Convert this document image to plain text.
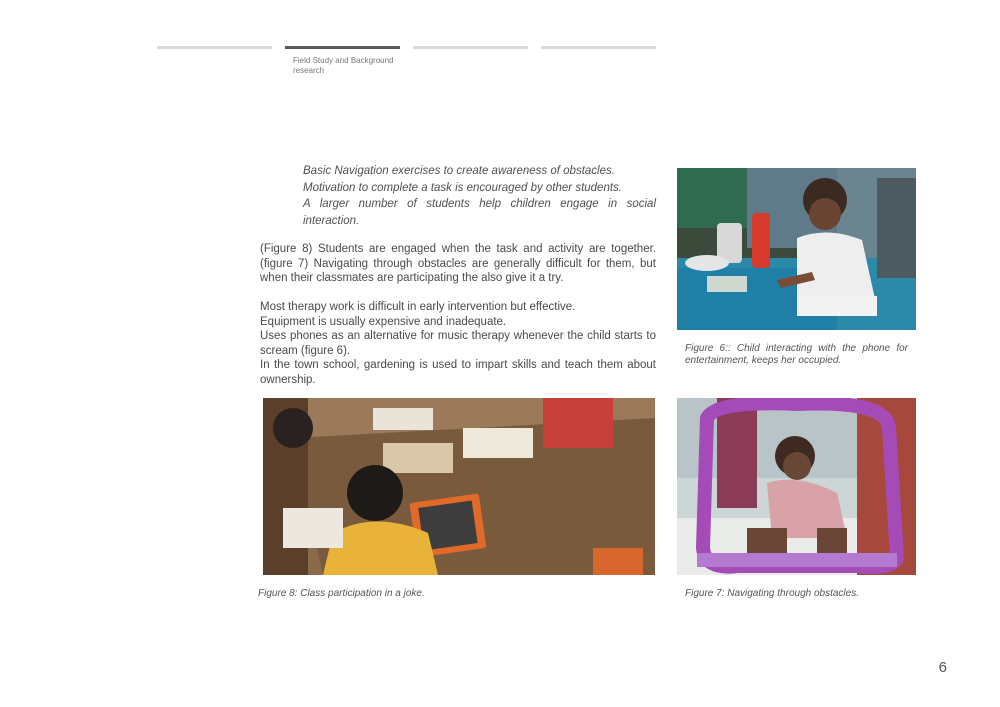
Field Study and Background research

Basic Navigation exercises to create awareness of obstacles.

Motivation to complete a task is encouraged by other students.

A larger number of students help children engage in social interaction.

(Figure 8) Students are engaged when the task and activity are together. (figure 7) Navigating through obstacles are generally difficult for them, but when their classmates are participating the also give it a try.

Most therapy work is difficult in early intervention but effective.

Equipment is usually expensive and inadequate.

Uses phones as an alternative for music therapy whenever the child starts to scream (figure 6).

In the town school, gardening is used to impart skills and teach them about ownership.

Figure 6:: Child interacting with the phone for entertainment, keeps her occupied.
Figure 8: Class participation in a joke.	Figure 7: Navigating through obstacles.
6
